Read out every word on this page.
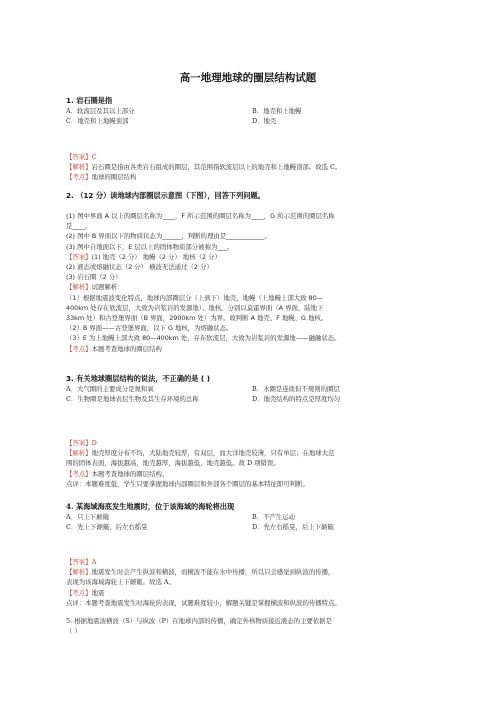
高一地理地球的圈层结构试题
1. 岩石圈是指
A．软流层及其以上部分	B．地壳和上地幔
C．地壳和上地幔顶部	D．地壳
【答案】C
【解析】岩石圈是指由各类岩石组成的圈层，其范围指软流层以上的地壳和上地幔顶部。故选 C。
【考点】地球的圈层结构
2. （12 分）读地球内部圈层示意图（下图），回答下列问题。
(1) 图中界面 A 以上的圈层名称为____，F 所示范围的圈层名称为____，G 所示范围的圈层名称
是____。
(2) 图中 B 界面以下的物质状态为______，判断的理由是____________。
(3) 图中自地面以下，E 层以上的固体物质部分被称为___。
【答案】(1) 地壳（2 分） 地幔（2 分） 地核（2 分）
(2) 液态或熔融状态（2 分） 横波无法通过（2 分）
(3) 岩石圈（2 分）
【解析】试题解析：
（1）根据地震波变化特点，地球内部圈层分（上到下）地壳、地幔（上地幔上部大致 80—
400km 处存在软流层，大致为岩浆岩的发源地）、地核。分别以莫霍界面（A 界面，陆地下
33km 处）和古登堡界面（B 界面，2900km 处）为界。故判断 A 地壳、F 地幔、G 地核。
（2）B 界面——古登堡界面，以下 G 地核，为熔融状态。
（3）E 为上地幔上部大致 80—400km 处，存在软流层，大致为岩浆岩的发源地——融融状态。
【考点】本题考查地球的圈层结构
3. 有关地球圈层结构的说法，不正确的是 ( )
A．大气圈的主要成分是氮和氧	B．水圈是连续但不规则的圈层
C．生物圈是地球表层生物及其生存环境的总称	D．地壳结构的特点是厚度均匀
【答案】D
【解析】地壳厚度分布不均，大陆地壳较厚，有双层，而大洋地壳较薄，只有单层；在地球大范
围的固体表面，海拔越高，地壳越厚，海拔越低，地壳越低。故 D 项错误。
【考点】本题考查地球的圈层结构。
点评：本题难度低，学生只要掌握地球内部圈层和外部各个圈层的基本特征即可判断。
4. 某海域海底发生地震时，位于该海域的海轮将出现
A．只上下颠簸	B．不产生运动
C．先上下颠簸，后左右摇晃	D．先左右摇晃，后上下颠簸
【答案】A
【解析】地震发生时会产生纵波和横波，而横波不能在水中传播，所以只会感觉到纵波的传播，
表现为该海域海轮上下颠簸。故选 A。
【考点】地震
点评：本题考查地震发生时海轮的表现，试题难度较小，解题关键是掌握横波和纵波的传播特点。
5. 根据地震波横波（S）与纵波（P）在地球内部的传播，确定外核物质接近液态的主要依据是
（ ）
